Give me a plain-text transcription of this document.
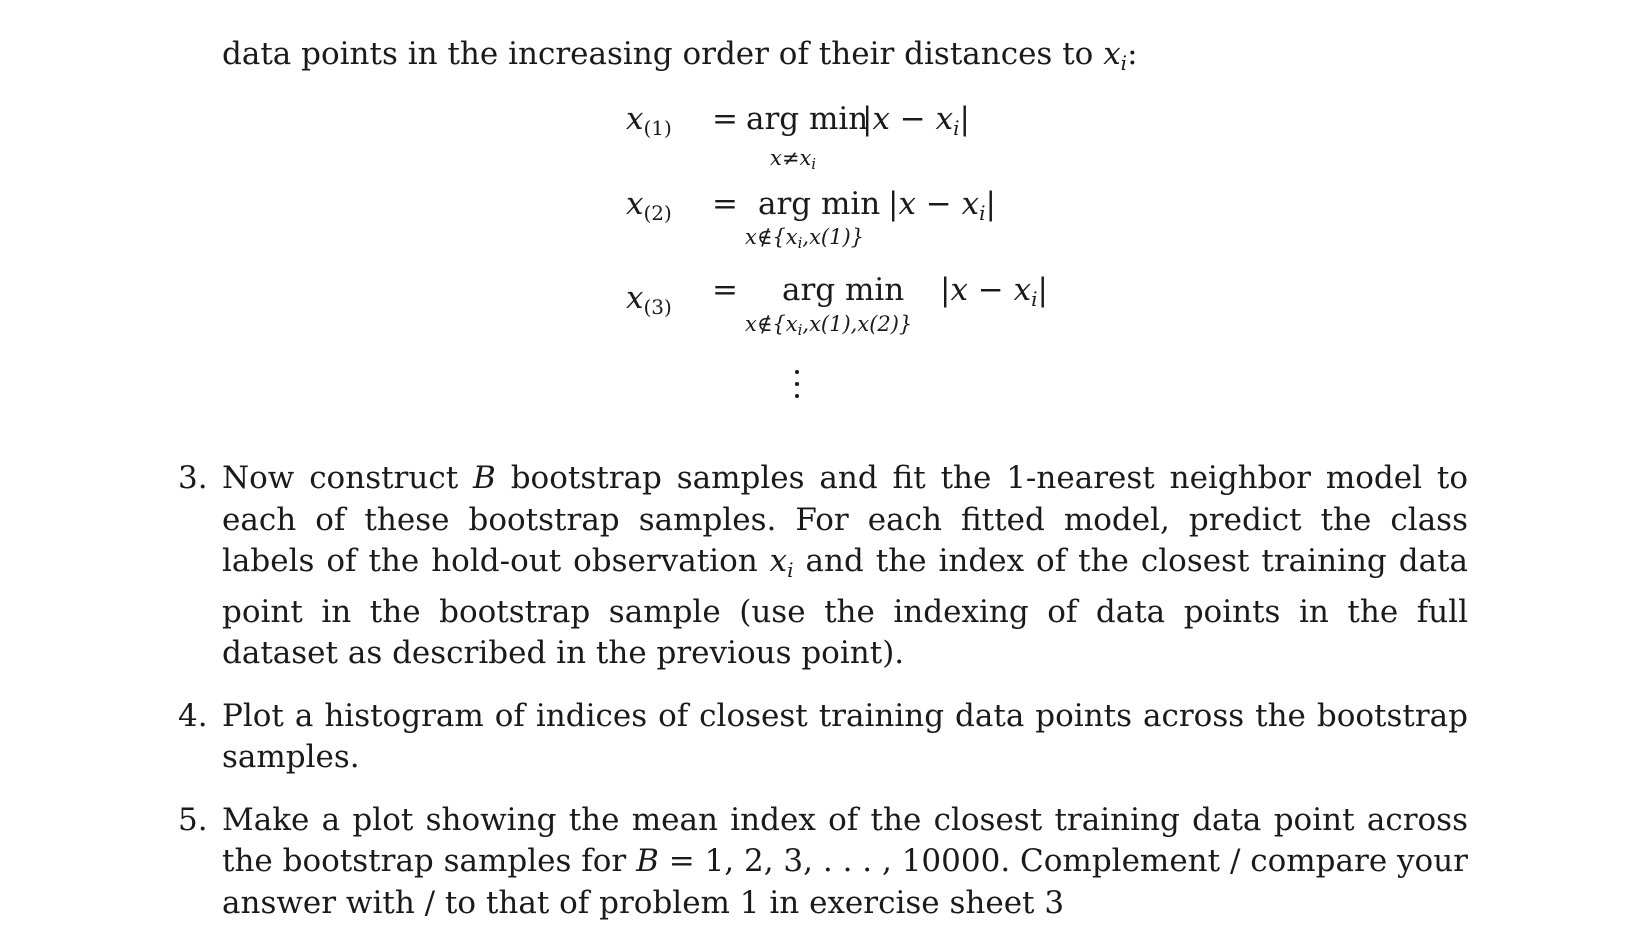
data points in the increasing order of their distances to xi:
$x_{(1)}$ = arg min
|x − xi|
x≠xi
$x_{(2)}$ = arg min |x − xi|
x∉{xi,x(1)}
$x_{(3)}$ = arg min |x − xi|
x∉{xi,x(1),x(2)}
3. Now construct B bootstrap samples and fit the 1-nearest neighbor model to each of these bootstrap samples. For each fitted model, predict the class labels of the hold-out observation xi and the index of the closest training data point in the bootstrap sample (use the indexing of data points in the full dataset as described in the previous point).
4. Plot a histogram of indices of closest training data points across the bootstrap samples.
5. Make a plot showing the mean index of the closest training data point across the bootstrap samples for B = 1, 2, 3, . . . , 10000. Complement / compare your answer with / to that of problem 1 in exercise sheet 3
